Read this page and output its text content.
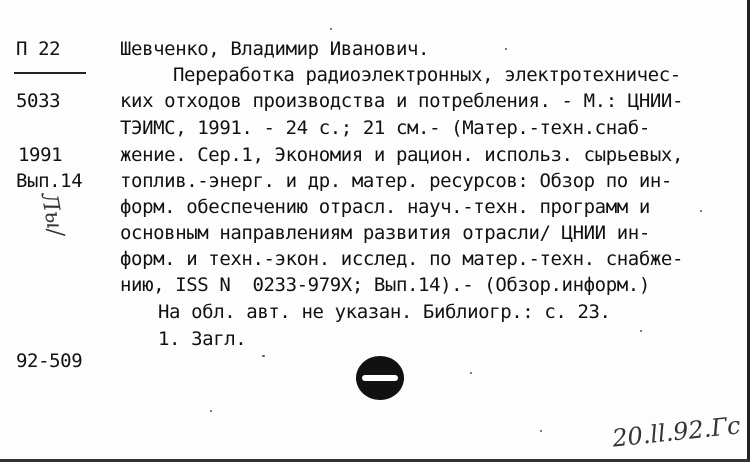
П 22
5033
1991
Вып.14
Лы/
92-509
Шевченко, Владимир Иванович.
Переработка радиоэлектронных, электротехничес-
ких отходов производства и потребления. - М.: ЦНИИ-
ТЭИМС, 1991. - 24 с.; 21 см.- (Матер.-техн.снаб-
жение. Сер.1, Экономия и рацион. использ. сырьевых,
топлив.-энерг. и др. матер. ресурсов: Обзор по ин-
форм. обеспечению отрасл. науч.-техн. программ и
основным направлениям развития отрасли/ ЦНИИ ин-
форм. и техн.-экон. исслед. по матер.-техн. снабже-
нию, ISS N  0233-979X; Вып.14).- (Обзор.информ.)
На обл. авт. не указан. Библиогр.: с. 23.
1. Загл.
20.ll.92.Гс
